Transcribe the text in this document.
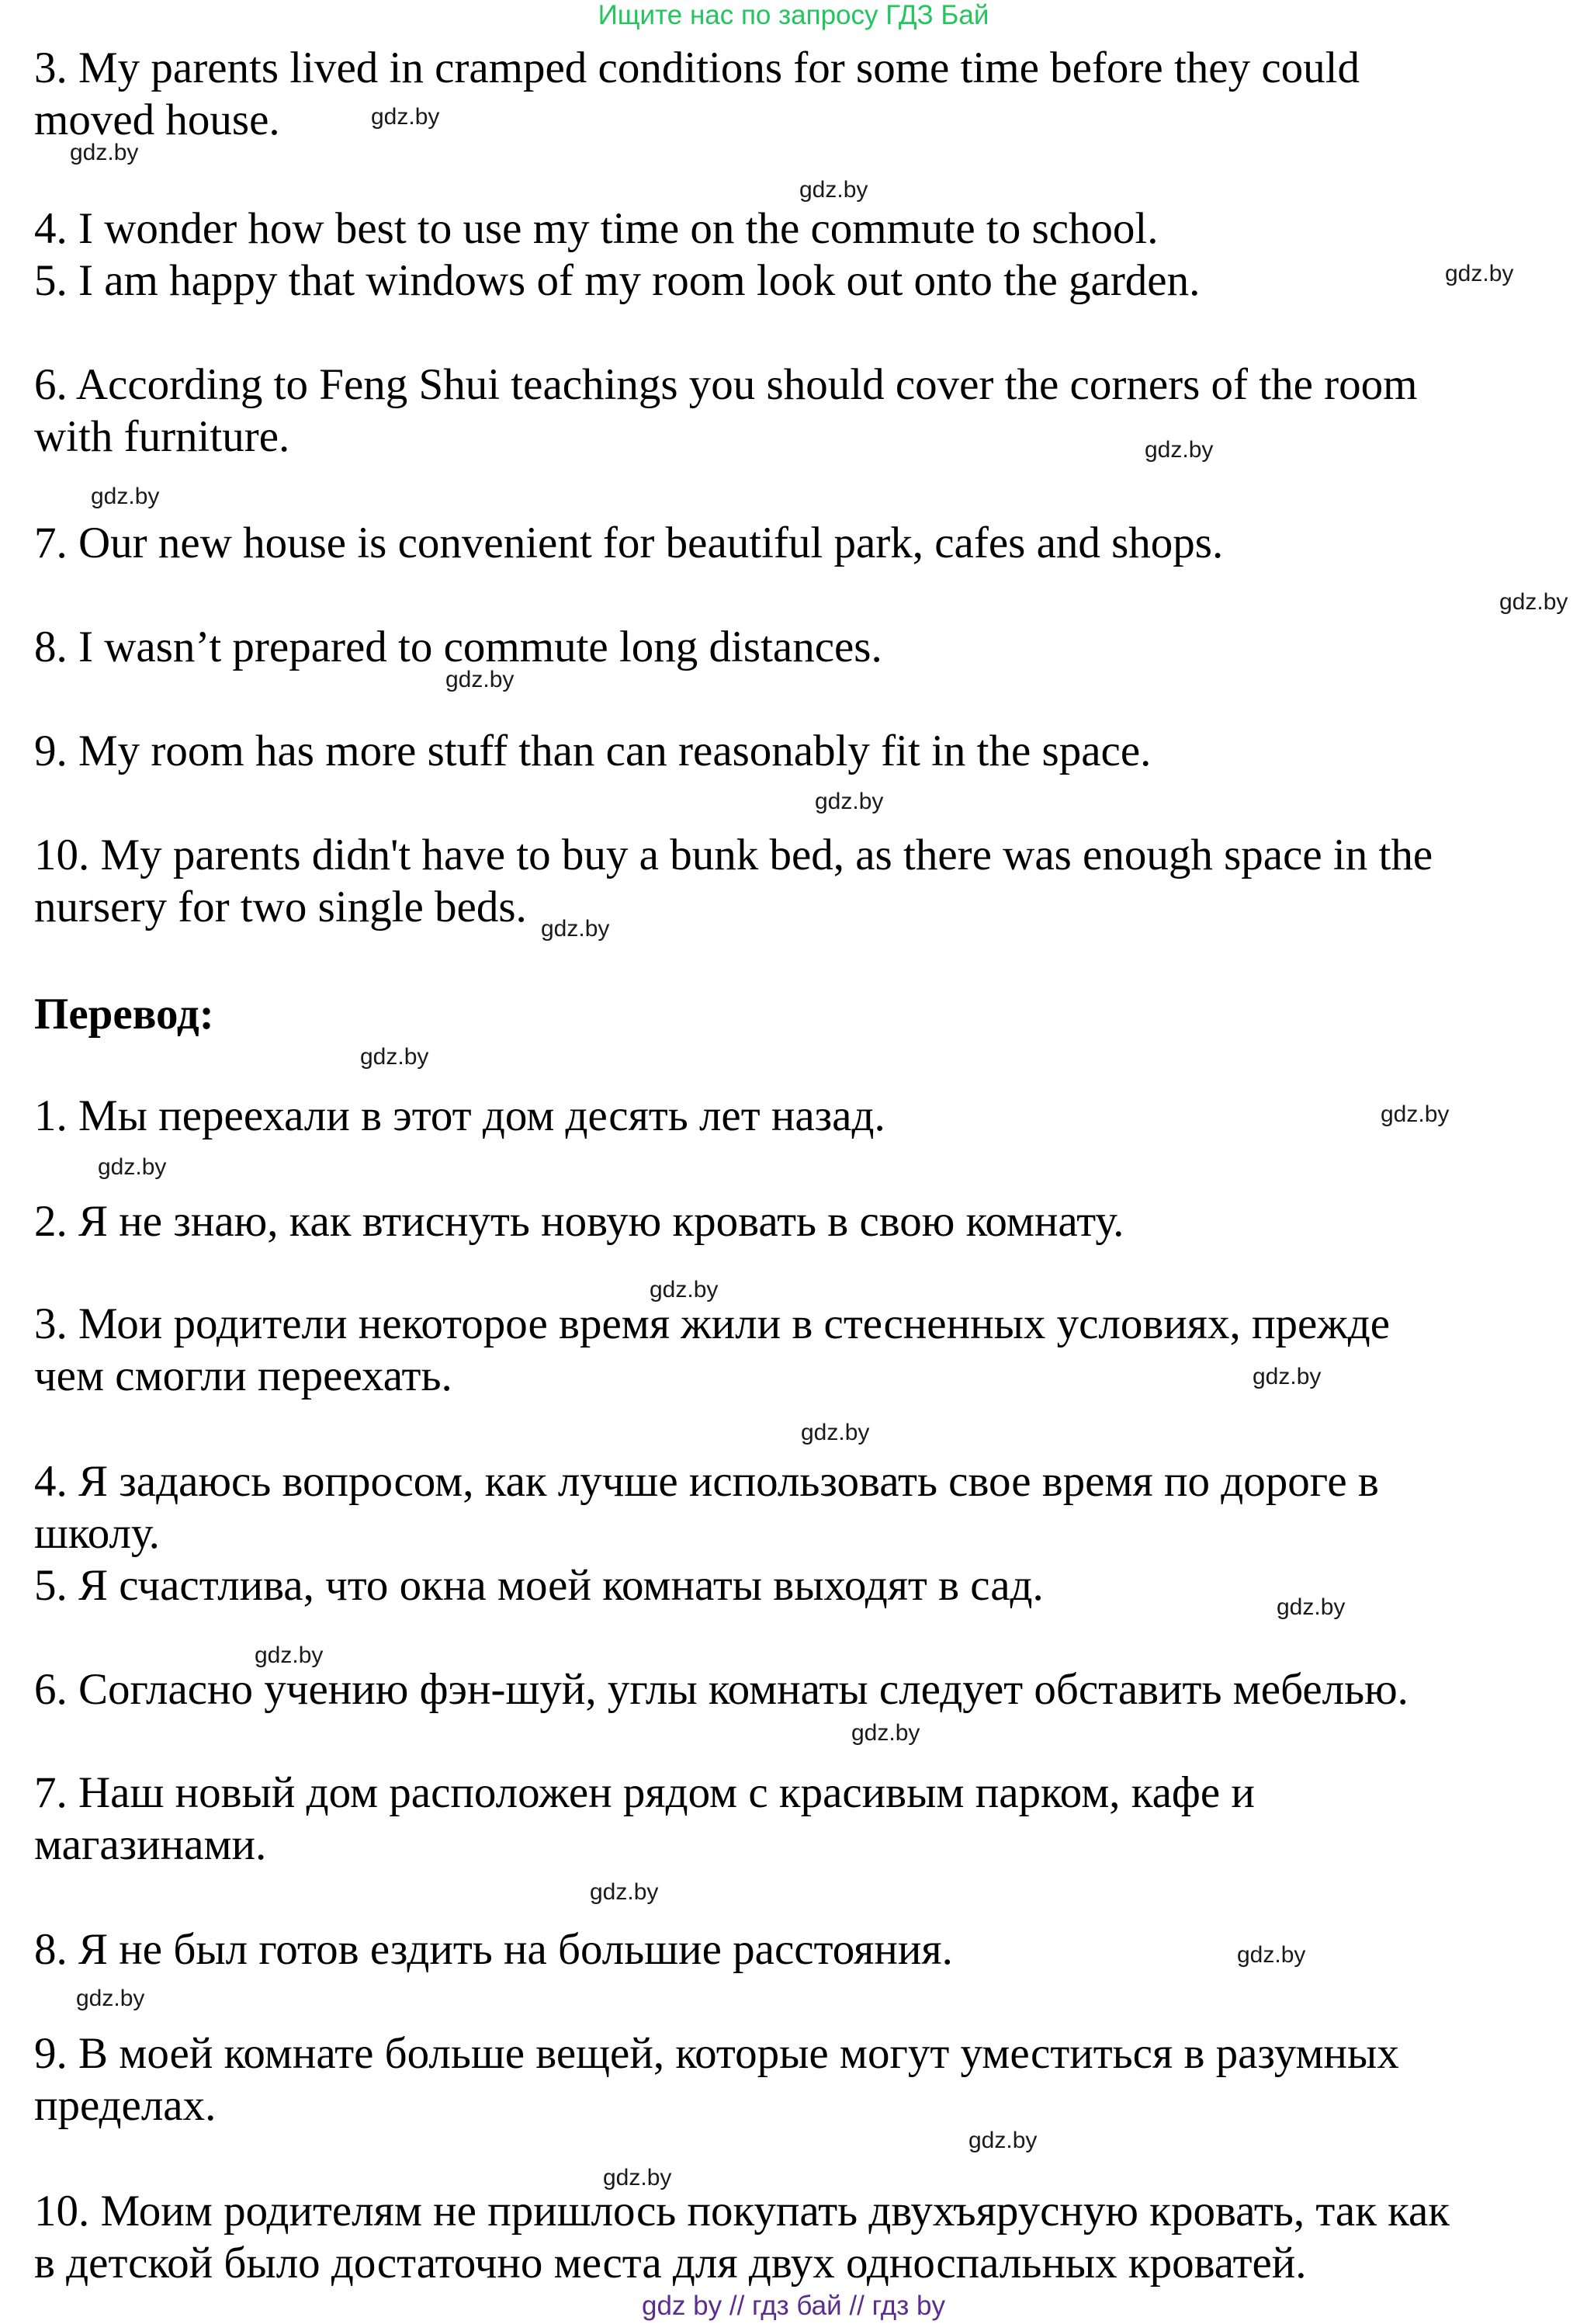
Ищите нас по запросу ГДЗ Бай
3. My parents lived in cramped conditions for some time before they could
moved house.
4. I wonder how best to use my time on the commute to school.
5. I am happy that windows of my room look out onto the garden.
6. According to Feng Shui teachings you should cover the corners of the room
with furniture.
7. Our new house is convenient for beautiful park, cafes and shops.
8. I wasn’t prepared to commute long distances.
9. My room has more stuff than can reasonably fit in the space.
10. My parents didn't have to buy a bunk bed, as there was enough space in the
nursery for two single beds.
Перевод:
1. Мы переехали в этот дом десять лет назад.
2. Я не знаю, как втиснуть новую кровать в свою комнату.
3. Мои родители некоторое время жили в стесненных условиях, прежде
чем смогли переехать.
4. Я задаюсь вопросом, как лучше использовать свое время по дороге в
школу.
5. Я счастлива, что окна моей комнаты выходят в сад.
6. Согласно учению фэн-шуй, углы комнаты следует обставить мебелью.
7. Наш новый дом расположен рядом с красивым парком, кафе и
магазинами.
8. Я не был готов ездить на большие расстояния.
9. В моей комнате больше вещей, которые могут уместиться в разумных
пределах.
10. Моим родителям не пришлось покупать двухъярусную кровать, так как
в детской было достаточно места для двух односпальных кроватей.
gdz.by
gdz.by
gdz.by
gdz.by
gdz.by
gdz.by
gdz.by
gdz.by
gdz.by
gdz.by
gdz.by
gdz.by
gdz.by
gdz.by
gdz.by
gdz.by
gdz.by
gdz.by
gdz.by
gdz.by
gdz.by
gdz.by
gdz.by
gdz.by
gdz by // гдз бай // гдз by
